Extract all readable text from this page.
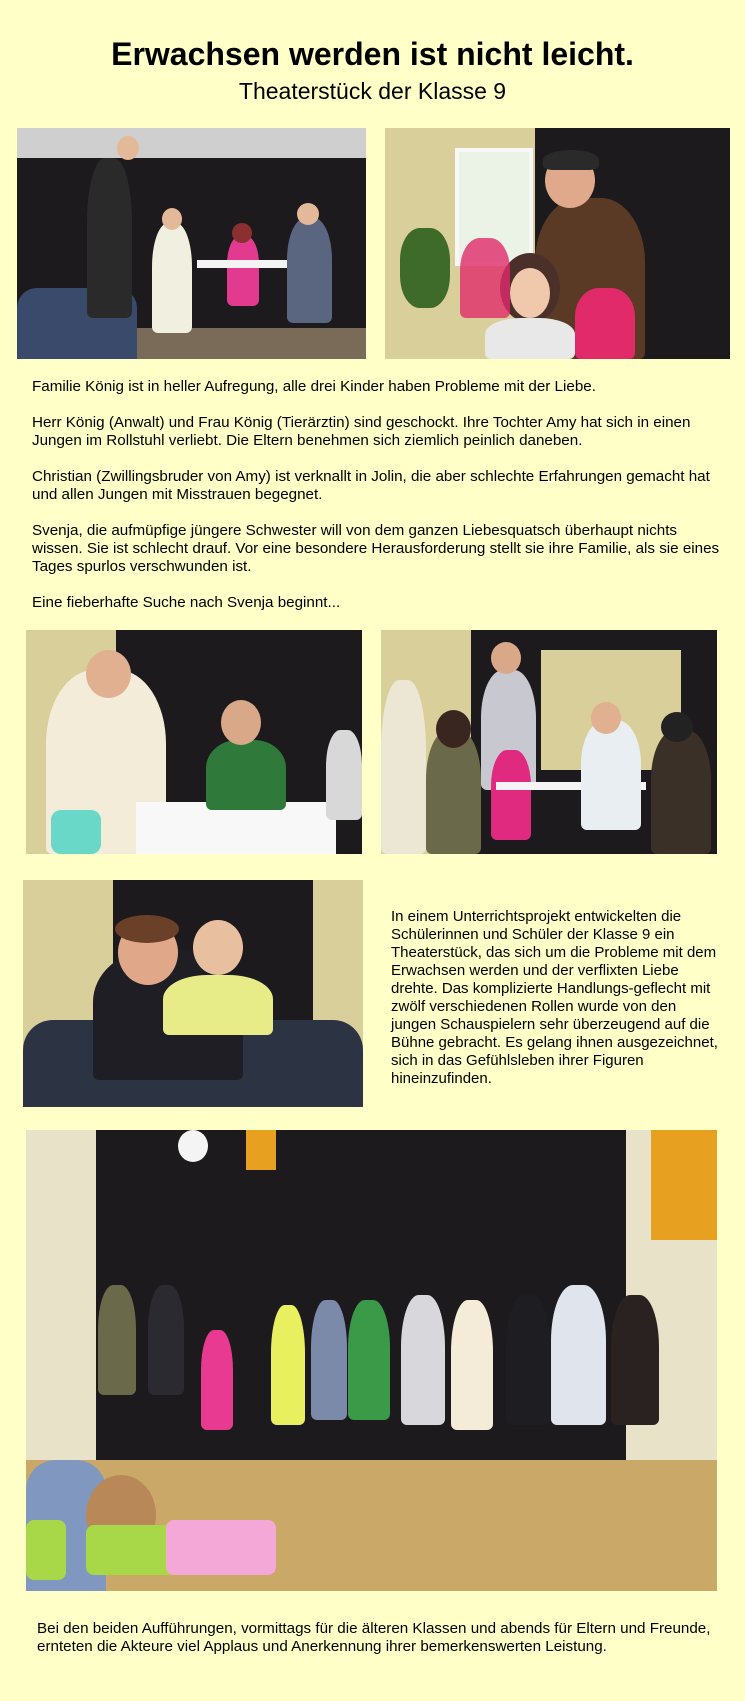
Erwachsen werden ist nicht leicht.
Theaterstück der Klasse 9

Familie König ist in heller Aufregung, alle drei Kinder haben Probleme mit der Liebe.

Herr König (Anwalt) und Frau König (Tierärztin) sind geschockt. Ihre Tochter Amy hat sich in einen Jungen im Rollstuhl verliebt. Die Eltern benehmen sich ziemlich peinlich daneben.

Christian (Zwillingsbruder von Amy) ist verknallt in Jolin, die aber schlechte Erfahrungen gemacht hat und allen Jungen mit Misstrauen begegnet.

Svenja, die aufmüpfige jüngere Schwester will von dem ganzen Liebesquatsch überhaupt nichts wissen. Sie ist schlecht drauf. Vor eine besondere Herausforderung stellt sie ihre Familie, als sie eines Tages spurlos verschwunden ist.

Eine fieberhafte Suche nach Svenja beginnt...

In einem Unterrichtsprojekt entwickelten die Schülerinnen und Schüler der Klasse 9 ein Theaterstück, das sich um die Probleme mit dem Erwachsen werden und der verflixten Liebe drehte. Das komplizierte Handlungs-geflecht mit zwölf verschiedenen Rollen wurde von den jungen Schauspielern sehr überzeugend auf die Bühne gebracht. Es gelang ihnen ausgezeichnet, sich in das Gefühlsleben ihrer Figuren hineinzufinden.

Bei den beiden Aufführungen, vormittags für die älteren Klassen und abends für Eltern und Freunde, ernteten die Akteure viel Applaus und Anerkennung ihrer bemerkenswerten Leistung.
